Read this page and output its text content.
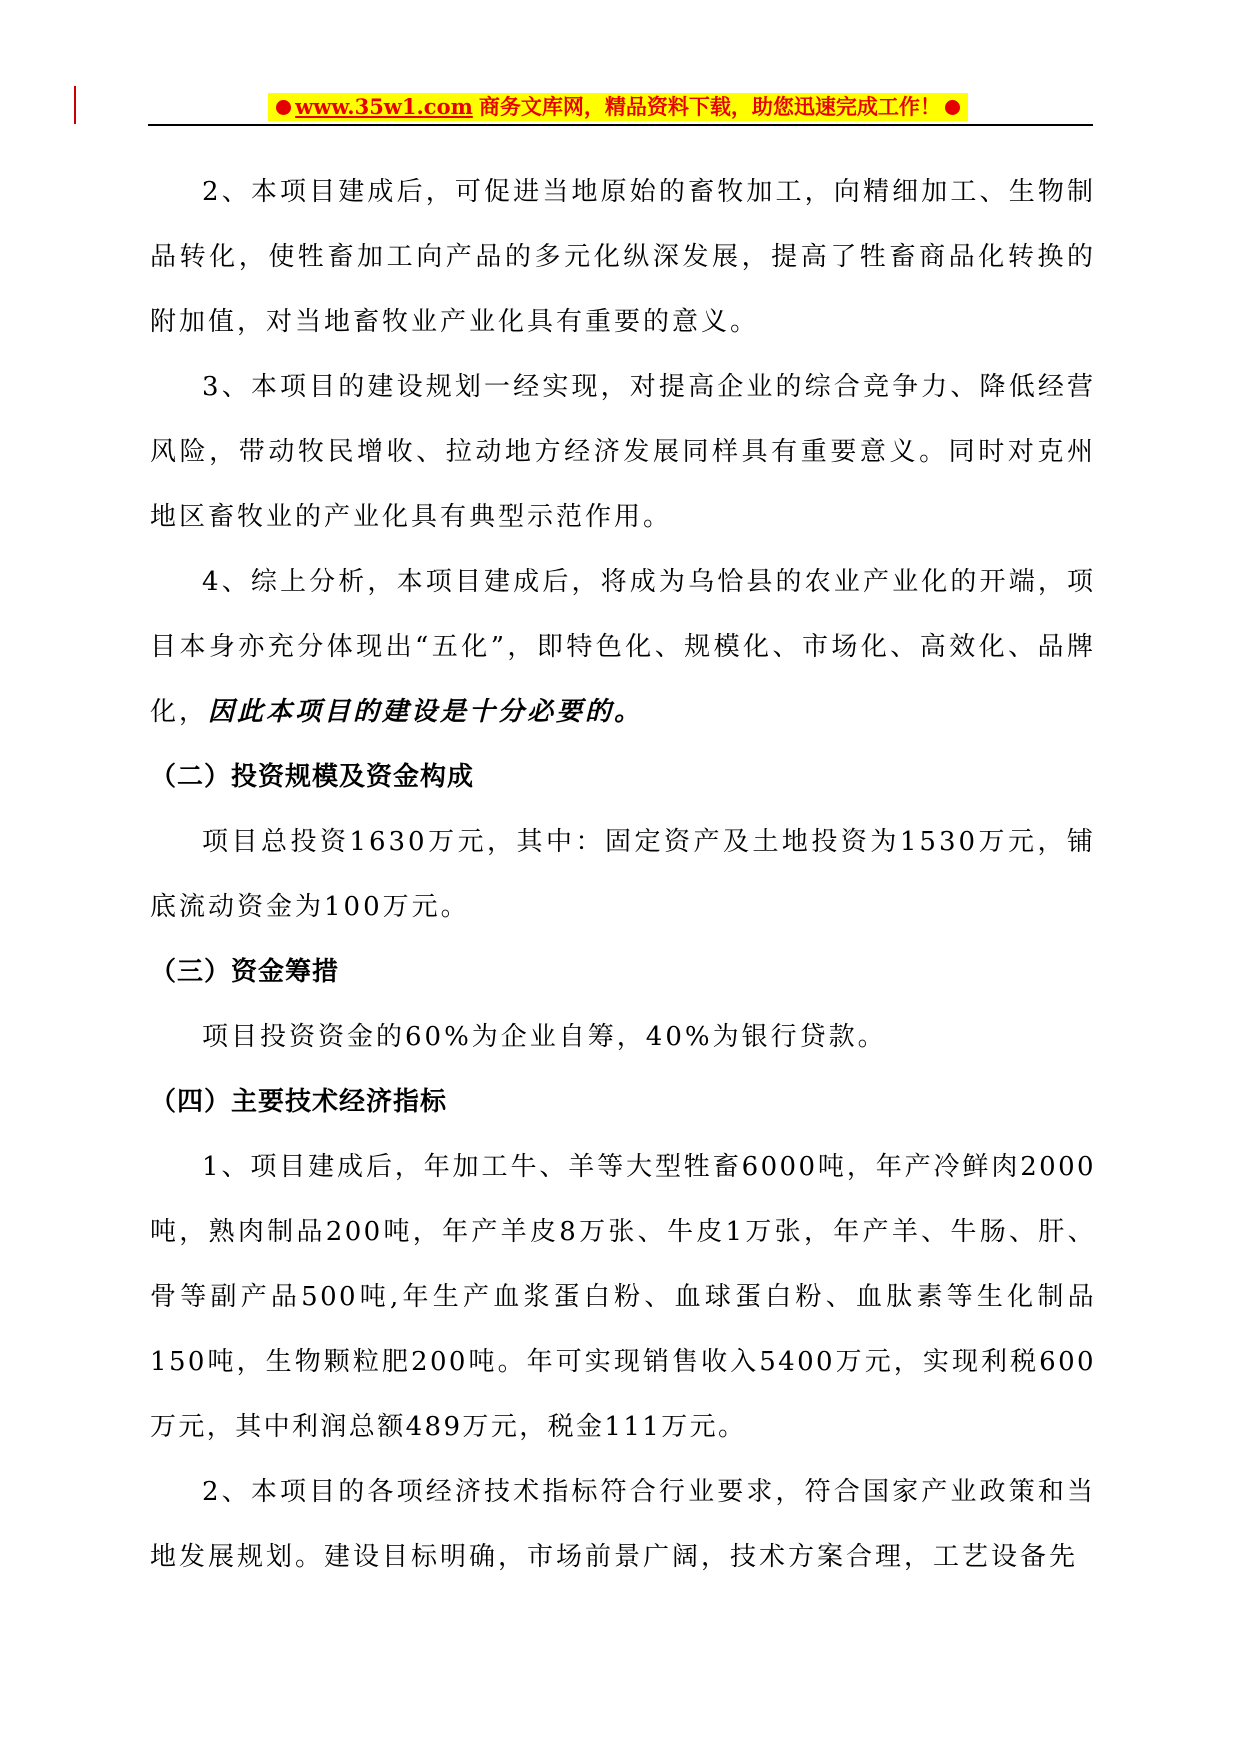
www.35w1.com 商务文库网，精品资料下载，助您迅速完成工作！

2、本项目建成后，可促进当地原始的畜牧加工，向精细加工、生物制品转化，使牲畜加工向产品的多元化纵深发展，提高了牲畜商品化转换的附加值，对当地畜牧业产业化具有重要的意义。

3、本项目的建设规划一经实现，对提高企业的综合竞争力、降低经营风险，带动牧民增收、拉动地方经济发展同样具有重要意义。同时对克州地区畜牧业的产业化具有典型示范作用。

4、综上分析，本项目建成后，将成为乌恰县的农业产业化的开端，项目本身亦充分体现出“五化”，即特色化、规模化、市场化、高效化、品牌化，因此本项目的建设是十分必要的。

（二）投资规模及资金构成

项目总投资1630万元，其中：固定资产及土地投资为1530万元，铺底流动资金为100万元。

（三）资金筹措

项目投资资金的60%为企业自筹，40%为银行贷款。

（四）主要技术经济指标

1、项目建成后，年加工牛、羊等大型牲畜6000吨，年产冷鲜肉2000吨，熟肉制品200吨，年产羊皮8万张、牛皮1万张，年产羊、牛肠、肝、骨等副产品500吨,年生产血浆蛋白粉、血球蛋白粉、血肽素等生化制品150吨，生物颗粒肥200吨。年可实现销售收入5400万元，实现利税600万元，其中利润总额489万元，税金111万元。

2、本项目的各项经济技术指标符合行业要求，符合国家产业政策和当地发展规划。建设目标明确，市场前景广阔，技术方案合理，工艺设备先
